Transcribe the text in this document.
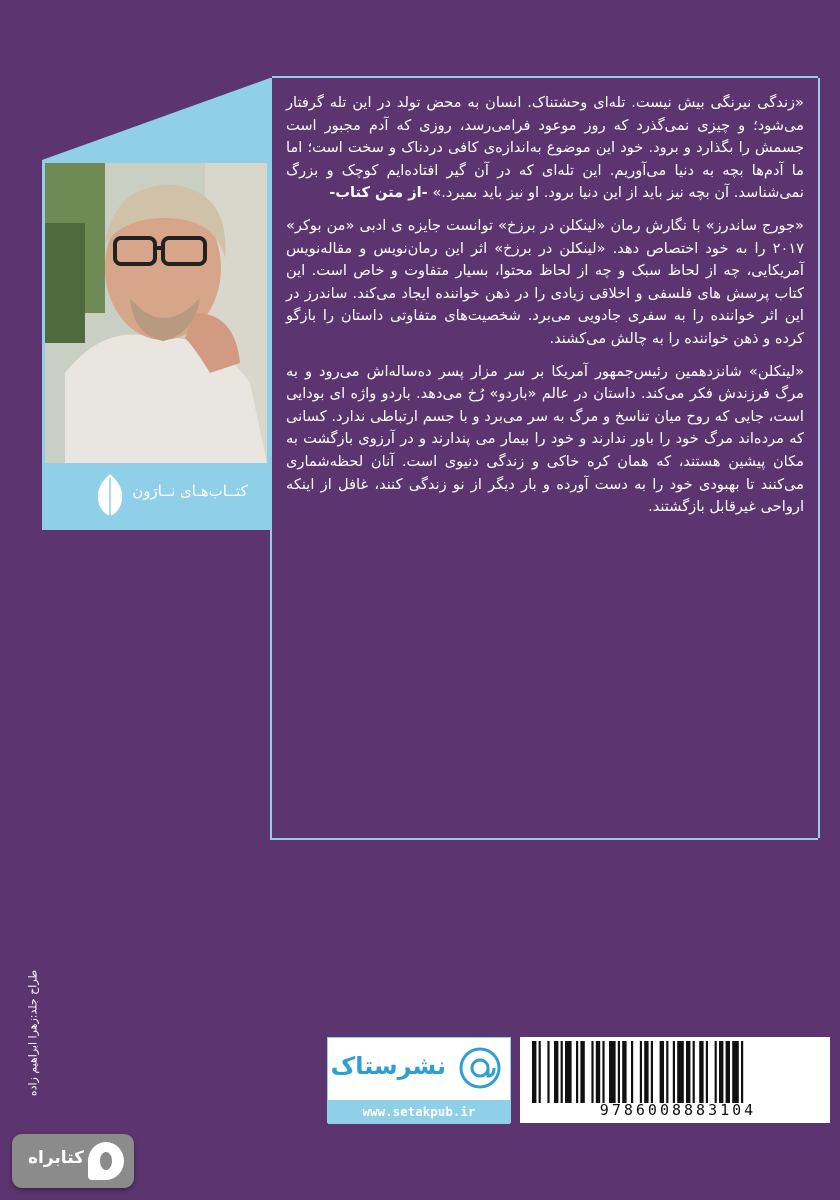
کتــاب‌هـای نــارَون

«زندگی نیرنگی بیش نیست. تله‌ای وحشتناک. انسان به محض تولد در این تله گرفتار می‌شود؛ و چیزی نمی‌گذرد که روز موعود فرامی‌رسد، روزی که آدم مجبور است جسمش را بگذارد و برود. خود این موضوع به‌اندازه‌ی کافی دردناک و سخت است؛ اما ما آدم‌ها بچه به دنیا می‌آوریم. این تله‌ای که در آن گیر افتاده‌ایم کوچک و بزرگ نمی‌شناسد. آن بچه نیز باید از این دنیا برود. او نیز باید بمیرد.» -از متن کتاب-

«جورج ساندرز» با نگارش رمان «لینکلن در برزخ» توانست جایزه ی ادبی «من بوکر» ۲۰۱۷ را به خود اختصاص دهد. «لینکلن در برزخ» اثر این رمان‌نویس و مقاله‌نویس آمریکایی، چه از لحاظ سبک و چه از لحاظ محتوا، بسیار متفاوت و خاص است. این کتاب پرسش های فلسفی و اخلاقی زیادی را در ذهن خواننده ایجاد می‌کند. ساندرز در این اثر خواننده را به سفری جادویی می‌برد. شخصیت‌های متفاوتی داستان را بازگو کرده و ذهن خواننده را به چالش می‌کشند.

«لینکلن» شانزدهمین رئیس‌جمهور آمریکا بر سر مزار پسر ده‌ساله‌اش می‌رود و به مرگ فرزندش فکر می‌کند. داستان در عالم «باردو» رُخ می‌دهد. باردو واژه ای بودایی است، جایی که روح میان تناسخ و مرگ به سر می‌برد و با جسم ارتباطی ندارد. کسانی که مرده‌اند مرگ خود را باور ندارند و خود را بیمار می پندارند و در آرزوی بازگشت به مکان پیشین هستند، که همان کره خاکی و زندگی دنیوی است. آنان لحظه‌شماری می‌کنند تا بهبودی خود را به دست آورده و بار دیگر از نو زندگی کنند، غافل از اینکه ارواحی غیرقابل بازگشتند.

طراح جلد:زهرا ابراهیم زاده	نشرستاک
www.setakpub.ir	9786008883104
کتابراه
